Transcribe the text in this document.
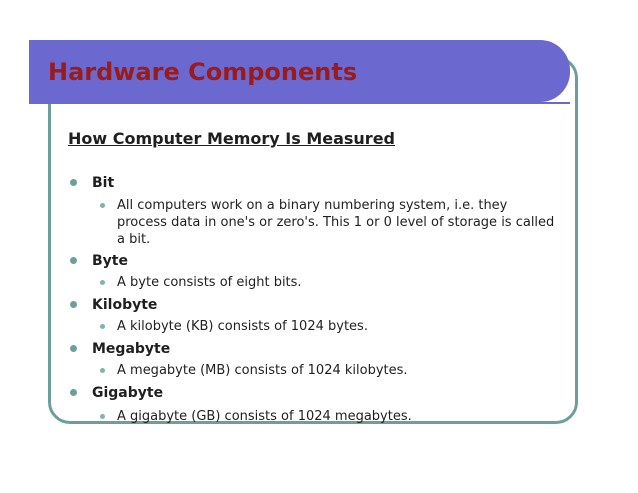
Hardware Components
How Computer Memory Is Measured
Bit
All computers work on a binary numbering system, i.e. they process data in one's or zero's. This 1 or 0 level of storage is called a bit.
Byte
A byte consists of eight bits.
Kilobyte
A kilobyte (KB) consists of 1024 bytes.
Megabyte
A megabyte (MB) consists of 1024 kilobytes.
Gigabyte
A gigabyte (GB) consists of 1024 megabytes.
